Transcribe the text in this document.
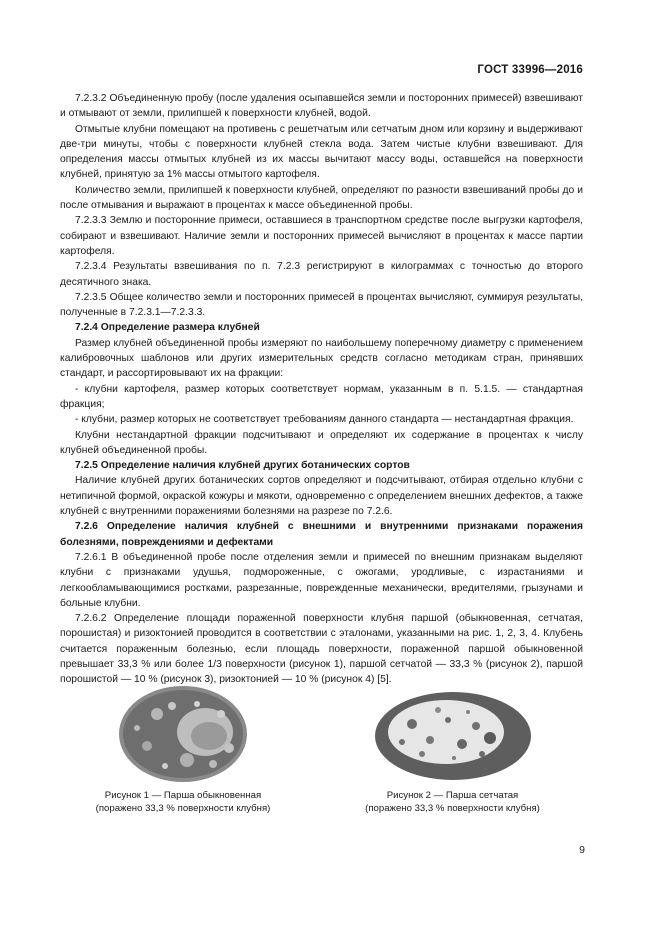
ГОСТ 33996—2016

7.2.3.2 Объединенную пробу (после удаления осыпавшейся земли и посторонних примесей) взвешивают и отмывают от земли, прилипшей к поверхности клубней, водой.

Отмытые клубни помещают на противень с решетчатым или сетчатым дном или корзину и выдерживают две-три минуты, чтобы с поверхности клубней стекла вода. Затем чистые клубни взвешивают. Для определения массы отмытых клубней из их массы вычитают массу воды, оставшейся на поверхности клубней, принятую за 1% массы отмытого картофеля.

Количество земли, прилипшей к поверхности клубней, определяют по разности взвешиваний пробы до и после отмывания и выражают в процентах к массе объединенной пробы.

7.2.3.3 Землю и посторонние примеси, оставшиеся в транспортном средстве после выгрузки картофеля, собирают и взвешивают. Наличие земли и посторонних примесей вычисляют в процентах к массе партии картофеля.

7.2.3.4 Результаты взвешивания по п. 7.2.3 регистрируют в килограммах с точностью до второго десятичного знака.

7.2.3.5 Общее количество земли и посторонних примесей в процентах вычисляют, суммируя результаты, полученные в 7.2.3.1—7.2.3.3.

7.2.4 Определение размера клубней

Размер клубней объединенной пробы измеряют по наибольшему поперечному диаметру с применением калибровочных шаблонов или других измерительных средств согласно методикам стран, принявших стандарт, и рассортировывают их на фракции:

- клубни картофеля, размер которых соответствует нормам, указанным в п. 5.1.5. — стандартная фракция;

- клубни, размер которых не соответствует требованиям данного стандарта — нестандартная фракция.

Клубни нестандартной фракции подсчитывают и определяют их содержание в процентах к числу клубней объединенной пробы.

7.2.5 Определение наличия клубней других ботанических сортов

Наличие клубней других ботанических сортов определяют и подсчитывают, отбирая отдельно клубни с нетипичной формой, окраской кожуры и мякоти, одновременно с определением внешних дефектов, а также клубней с внутренними поражениями болезнями на разрезе по 7.2.6.

7.2.6 Определение наличия клубней с внешними и внутренними признаками поражения болезнями, повреждениями и дефектами

7.2.6.1 В объединенной пробе после отделения земли и примесей по внешним признакам выделяют клубни с признаками удушья, подмороженные, с ожогами, уродливые, с израстаниями и легкообламывающимися ростками, разрезанные, поврежденные механически, вредителями, грызунами и больные клубни.

7.2.6.2 Определение площади пораженной поверхности клубня паршой (обыкновенная, сетчатая, порошистая) и ризоктонией проводится в соответствии с эталонами, указанными на рис. 1, 2, 3, 4. Клубень считается пораженным болезнью, если площадь поверхности, пораженной паршой обыкновенной превышает 33,3 % или более 1/3 поверхности (рисунок 1), паршой сетчатой — 33,3 % (рисунок 2), паршой порошистой — 10 % (рисунок 3), ризоктонией — 10 % (рисунок 4) [5].

Рисунок 1 — Парша обыкновенная
(поражено 33,3 % поверхности клубня)
Рисунок 2 — Парша сетчатая
(поражено 33,3 % поверхности клубня)
9
